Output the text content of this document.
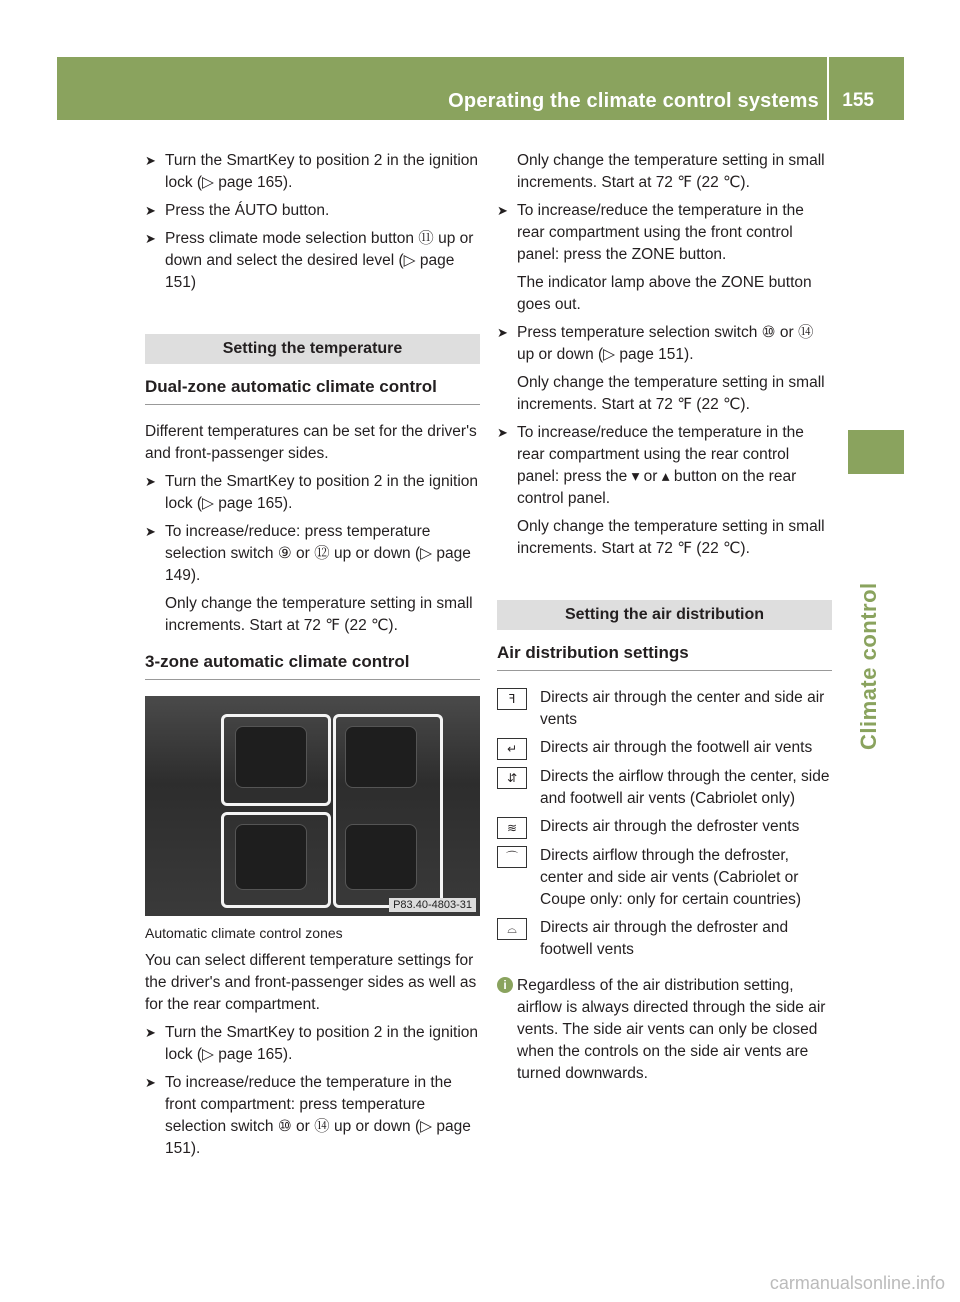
Operating the climate control systems 155
Climate control
➤ Turn the SmartKey to position 2 in the ignition lock (▷ page 165).
➤ Press the ÁUTO button.
➤ Press climate mode selection button ⑪ up or down and select the desired level (▷ page 151)
Setting the temperature
Dual-zone automatic climate control
Different temperatures can be set for the driver's and front-passenger sides.
➤ Turn the SmartKey to position 2 in the ignition lock (▷ page 165).
➤ To increase/reduce: press temperature selection switch ⑨ or ⑫ up or down (▷ page 149).
Only change the temperature setting in small increments. Start at 72 ℉ (22 ℃).
3-zone automatic climate control
P83.40-4803-31
Automatic climate control zones
You can select different temperature settings for the driver's and front-passenger sides as well as for the rear compartment.
➤ Turn the SmartKey to position 2 in the ignition lock (▷ page 165).
➤ To increase/reduce the temperature in the front compartment: press temperature selection switch ⑩ or ⑭ up or down (▷ page 151).
Only change the temperature setting in small increments. Start at 72 ℉ (22 ℃).
➤ To increase/reduce the temperature in the rear compartment using the front control panel: press the ZONE button.
The indicator lamp above the ZONE button goes out.
➤ Press temperature selection switch ⑩ or ⑭ up or down (▷ page 151).
Only change the temperature setting in small increments. Start at 72 ℉ (22 ℃).
➤ To increase/reduce the temperature in the rear compartment using the rear control panel: press the ▾ or ▴ button on the rear control panel.
Only change the temperature setting in small increments. Start at 72 ℉ (22 ℃).
Setting the air distribution
Air distribution settings
ꟻ	Directs air through the center and side air vents
↵	Directs air through the footwell air vents
⇵	Directs the airflow through the center, side and footwell air vents (Cabriolet only)
≋	Directs air through the defroster vents
⌒	Directs airflow through the defroster, center and side air vents (Cabriolet or Coupe only: only for certain countries)
⌓	Directs air through the defroster and footwell vents
i Regardless of the air distribution setting, airflow is always directed through the side air vents. The side air vents can only be closed when the controls on the side air vents are turned downwards.
carmanualsonline.info
